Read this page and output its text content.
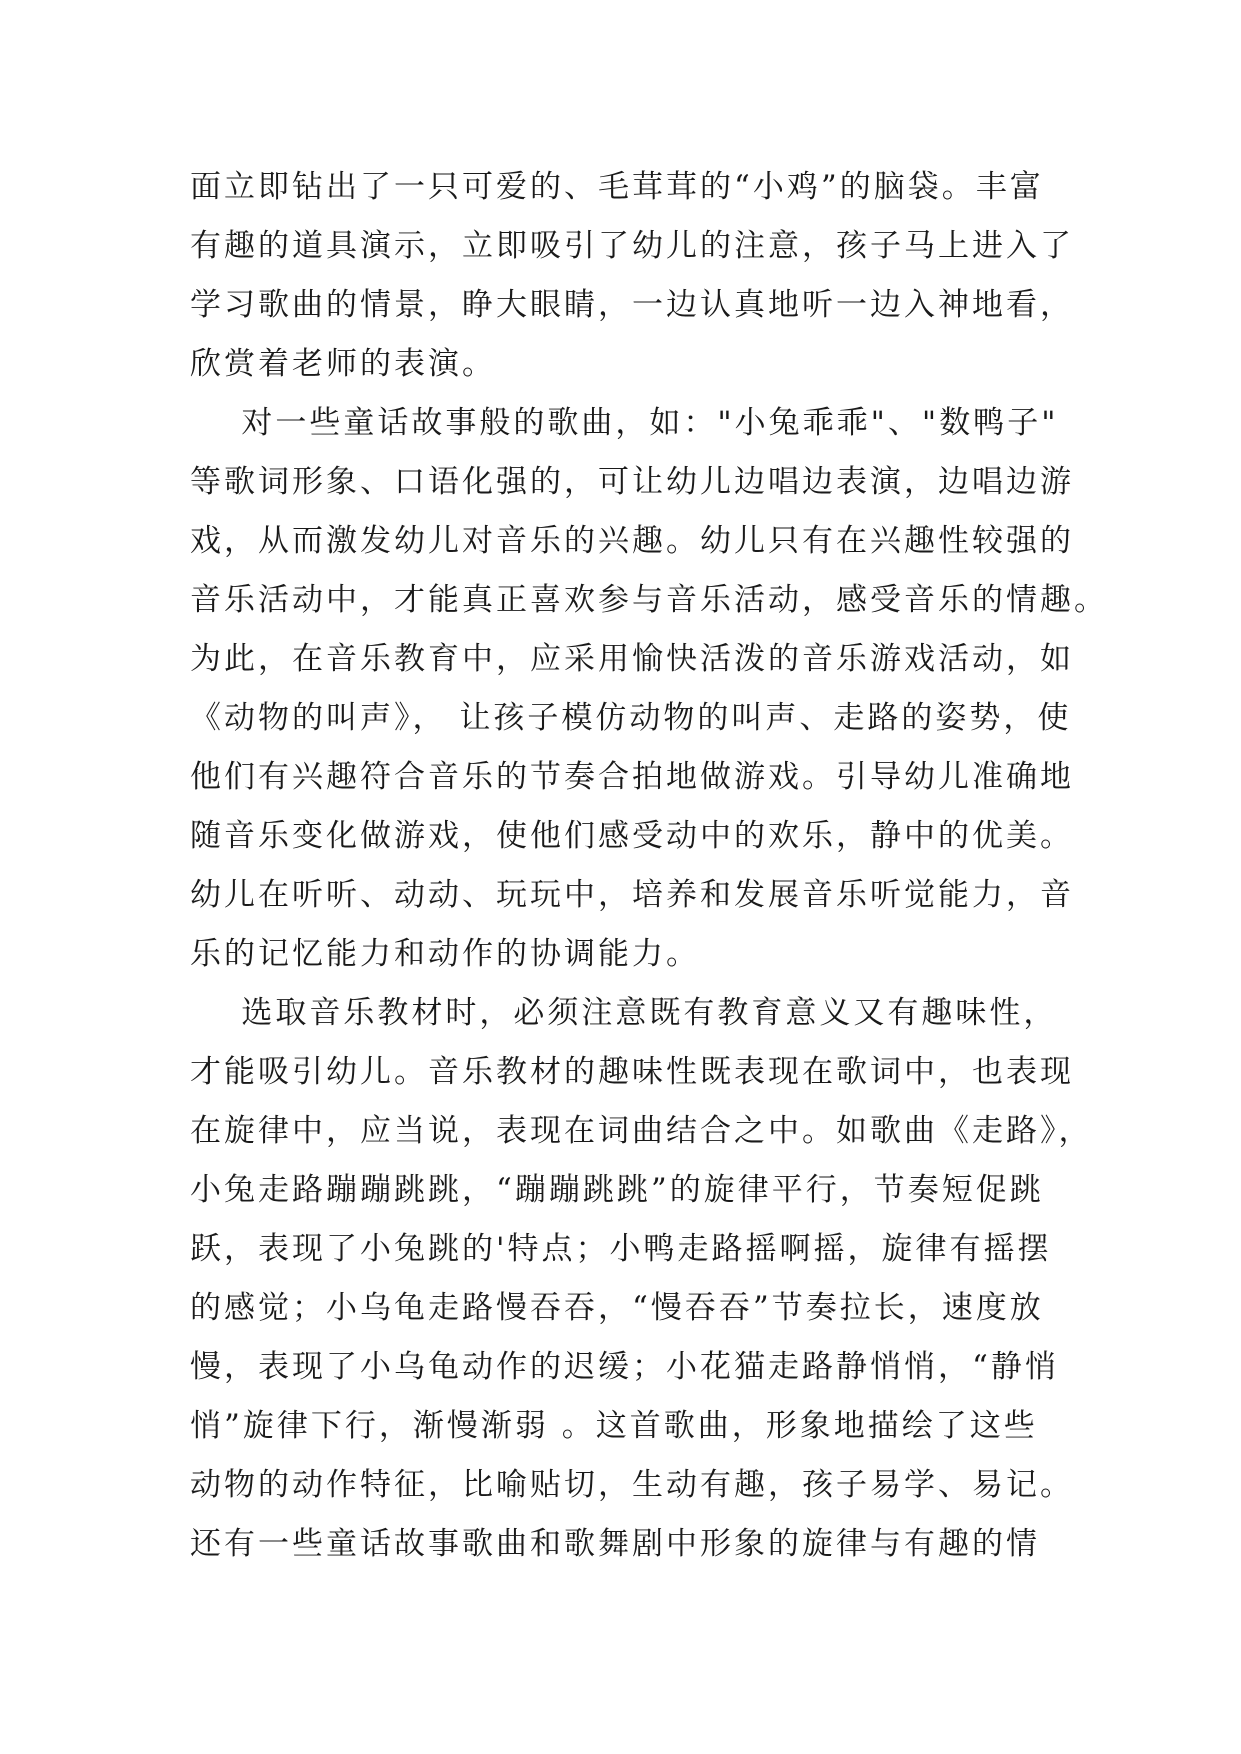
面立即钻出了一只可爱的、毛茸茸的“小鸡”的脑袋。丰富
有趣的道具演示，立即吸引了幼儿的注意，孩子马上进入了
学习歌曲的情景，睁大眼睛，一边认真地听一边入神地看，
欣赏着老师的表演。
对一些童话故事般的歌曲，如："小兔乖乖"、"数鸭子"
等歌词形象、口语化强的，可让幼儿边唱边表演，边唱边游
戏，从而激发幼儿对音乐的兴趣。幼儿只有在兴趣性较强的
音乐活动中，才能真正喜欢参与音乐活动，感受音乐的情趣。
为此，在音乐教育中，应采用愉快活泼的音乐游戏活动，如
《动物的叫声》， 让孩子模仿动物的叫声、走路的姿势，使
他们有兴趣符合音乐的节奏合拍地做游戏。引导幼儿准确地
随音乐变化做游戏，使他们感受动中的欢乐，静中的优美。
幼儿在听听、动动、玩玩中，培养和发展音乐听觉能力，音
乐的记忆能力和动作的协调能力。
选取音乐教材时，必须注意既有教育意义又有趣味性，
才能吸引幼儿。音乐教材的趣味性既表现在歌词中，也表现
在旋律中，应当说，表现在词曲结合之中。如歌曲《走路》，
小兔走路蹦蹦跳跳，“蹦蹦跳跳”的旋律平行，节奏短促跳
跃，表现了小兔跳的'特点；小鸭走路摇啊摇，旋律有摇摆
的感觉；小乌龟走路慢吞吞，“慢吞吞”节奏拉长，速度放
慢，表现了小乌龟动作的迟缓；小花猫走路静悄悄，“静悄
悄”旋律下行，渐慢渐弱 。这首歌曲，形象地描绘了这些
动物的动作特征，比喻贴切，生动有趣，孩子易学、易记。
还有一些童话故事歌曲和歌舞剧中形象的旋律与有趣的情
